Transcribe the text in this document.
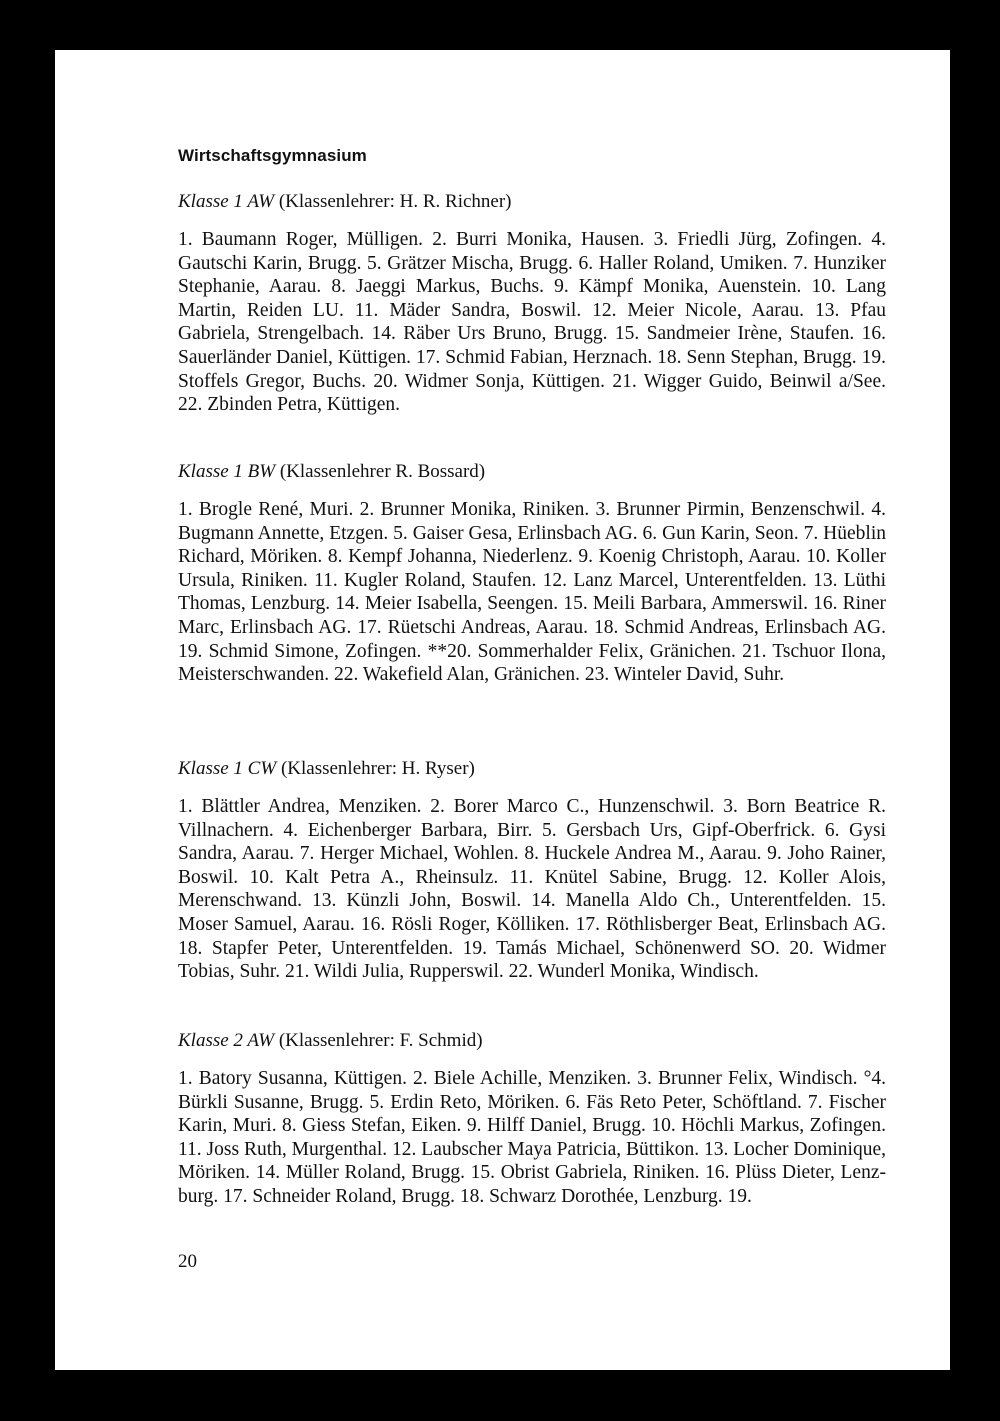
Wirtschaftsgymnasium
Klasse 1 AW (Klassenlehrer: H. R. Richner)
1. Baumann Roger, Mülligen. 2. Burri Monika, Hausen. 3. Friedli Jürg, Zofingen. 4. Gautschi Karin, Brugg. 5. Grätzer Mischa, Brugg. 6. Haller Roland, Umiken. 7. Hunziker Stephanie, Aarau. 8. Jaeggi Markus, Buchs. 9. Kämpf Monika, Auenstein. 10. Lang Martin, Reiden LU. 11. Mäder Sandra, Boswil. 12. Meier Nicole, Aarau. 13. Pfau Gabriela, Strengelbach. 14. Räber Urs Bruno, Brugg. 15. Sandmeier Irène, Staufen. 16. Sauerländer Daniel, Küttigen. 17. Schmid Fabian, Herznach. 18. Senn Stephan, Brugg. 19. Stoffels Gregor, Buchs. 20. Widmer Sonja, Küttigen. 21. Wigger Guido, Beinwil a/See. 22. Zbinden Petra, Küttigen.
Klasse 1 BW (Klassenlehrer R. Bossard)
1. Brogle René, Muri. 2. Brunner Monika, Riniken. 3. Brunner Pirmin, Benzenschwil. 4. Bugmann Annette, Etzgen. 5. Gaiser Gesa, Erlinsbach AG. 6. Gun Karin, Seon. 7. Hüeblin Richard, Möriken. 8. Kempf Johanna, Niederlenz. 9. Koenig Christoph, Aarau. 10. Koller Ursula, Riniken. 11. Kugler Roland, Staufen. 12. Lanz Marcel, Unterentfelden. 13. Lüthi Thomas, Lenzburg. 14. Meier Isabella, Seengen. 15. Meili Barbara, Ammerswil. 16. Riner Marc, Erlinsbach AG. 17. Rüetschi Andreas, Aarau. 18. Schmid Andreas, Erlinsbach AG. 19. Schmid Simone, Zofingen. **20. Sommerhalder Felix, Gränichen. 21. Tschuor Ilona, Meisterschwanden. 22. Wakefield Alan, Gränichen. 23. Winteler David, Suhr.
Klasse 1 CW (Klassenlehrer: H. Ryser)
1. Blättler Andrea, Menziken. 2. Borer Marco C., Hunzenschwil. 3. Born Beatrice R. Villnachern. 4. Eichenberger Barbara, Birr. 5. Gersbach Urs, Gipf-Oberfrick. 6. Gysi Sandra, Aarau. 7. Herger Michael, Wohlen. 8. Huckele Andrea M., Aarau. 9. Joho Rainer, Boswil. 10. Kalt Petra A., Rheinsulz. 11. Knütel Sabine, Brugg. 12. Koller Alois, Merenschwand. 13. Künzli John, Boswil. 14. Manella Aldo Ch., Unterentfelden. 15. Moser Samuel, Aarau. 16. Rösli Roger, Kölliken. 17. Röthlisberger Beat, Erlinsbach AG. 18. Stapfer Peter, Unterentfelden. 19. Tamás Michael, Schönenwerd SO. 20. Widmer Tobias, Suhr. 21. Wildi Julia, Rupperswil. 22. Wunderl Monika, Windisch.
Klasse 2 AW (Klassenlehrer: F. Schmid)
1. Batory Susanna, Küttigen. 2. Biele Achille, Menziken. 3. Brunner Felix, Windisch. °4. Bürkli Susanne, Brugg. 5. Erdin Reto, Möriken. 6. Fäs Reto Peter, Schöftland. 7. Fischer Karin, Muri. 8. Giess Stefan, Eiken. 9. Hilff Daniel, Brugg. 10. Höchli Markus, Zofingen. 11. Joss Ruth, Murgenthal. 12. Laubscher Maya Patricia, Büttikon. 13. Locher Dominique, Möriken. 14. Müller Roland, Brugg. 15. Obrist Gabriela, Riniken. 16. Plüss Dieter, Lenzburg. 17. Schneider Roland, Brugg. 18. Schwarz Dorothée, Lenzburg. 19.
20
